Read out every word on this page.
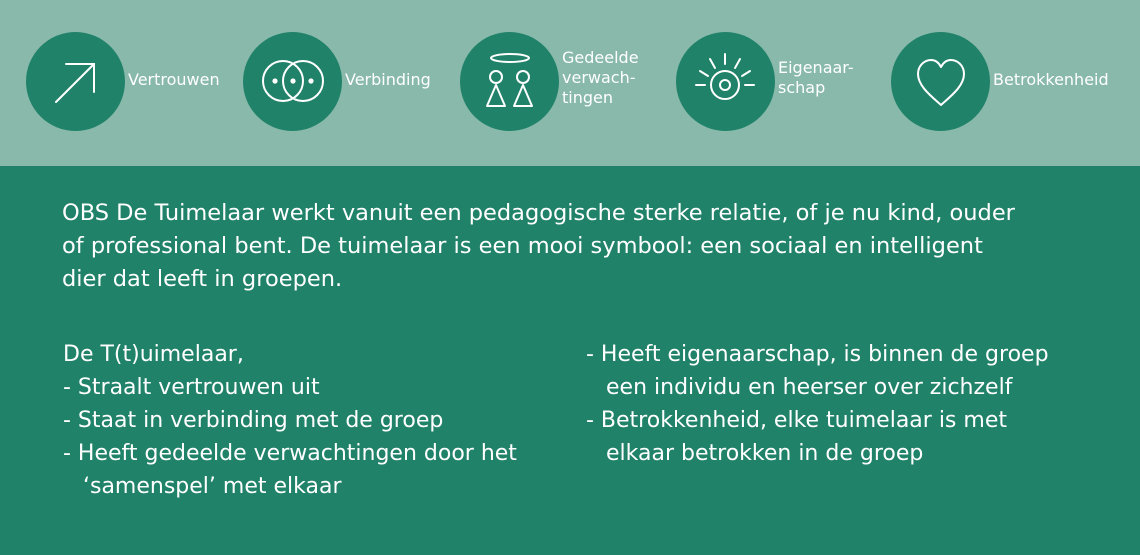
Vertrouwen	Verbinding
Gedeelde
verwach-
tingen
Eigenaar-
schap	Betrokkenheid

OBS De Tuimelaar werkt vanuit een pedagogische sterke relatie, of je nu kind, ouder

of professional bent. De tuimelaar is een mooi symbool: een sociaal en intelligent

dier dat leeft in groepen.

De T(t)uimelaar,
- Straalt vertrouwen uit
- Staat in verbinding met de groep
- Heeft gedeelde verwachtingen door het ‘samenspel’ met elkaar
- Heeft eigenaarschap, is binnen de groep een individu en heerser over zichzelf
- Betrokkenheid, elke tuimelaar is met elkaar betrokken in de groep
